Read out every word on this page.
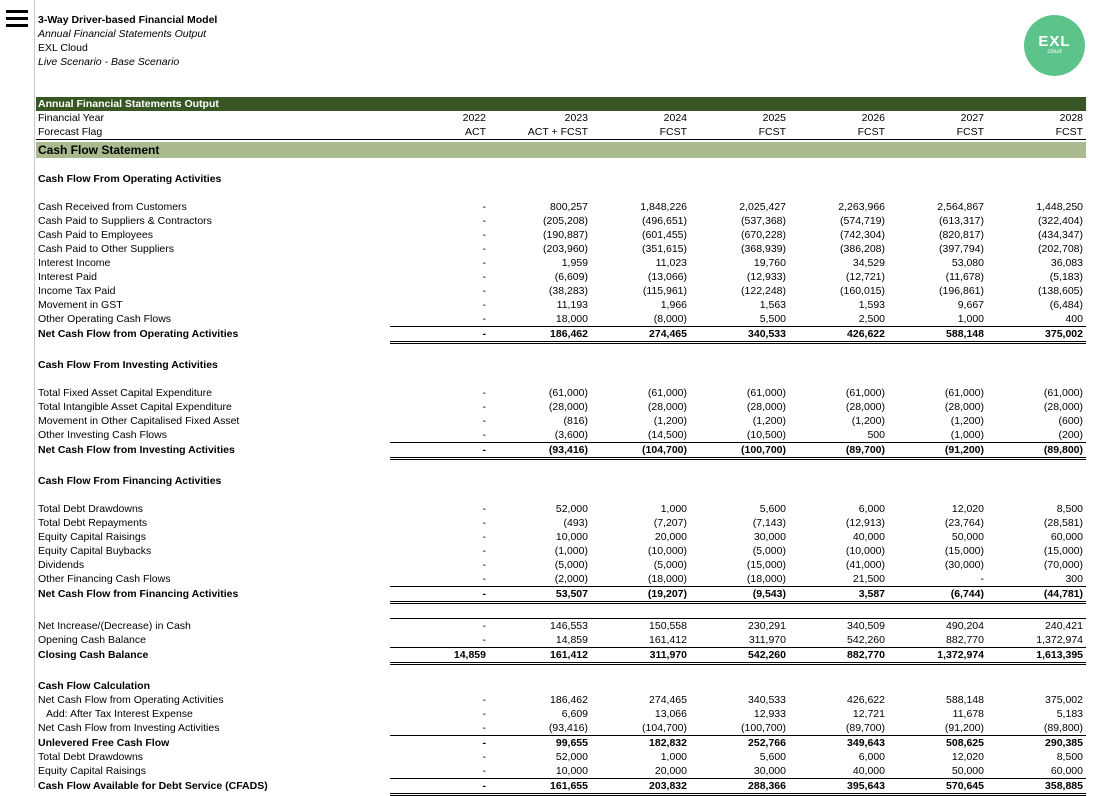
3-Way Driver-based Financial Model
Annual Financial Statements Output
EXL Cloud
Live Scenario - Base Scenario
EXL
cloud
Annual Financial Statements Output
Financial Year	2022	2023	2024	2025	2026	2027	2028
Forecast Flag	ACT	ACT + FCST	FCST	FCST	FCST	FCST	FCST
Cash Flow Statement
Cash Flow From Operating Activities
Cash Received from Customers	-	800,257	1,848,226	2,025,427	2,263,966	2,564,867	1,448,250
Cash Paid to Suppliers & Contractors	-	(205,208)	(496,651)	(537,368)	(574,719)	(613,317)	(322,404)
Cash Paid to Employees	-	(190,887)	(601,455)	(670,228)	(742,304)	(820,817)	(434,347)
Cash Paid to Other Suppliers	-	(203,960)	(351,615)	(368,939)	(386,208)	(397,794)	(202,708)
Interest Income	-	1,959	11,023	19,760	34,529	53,080	36,083
Interest Paid	-	(6,609)	(13,066)	(12,933)	(12,721)	(11,678)	(5,183)
Income Tax Paid	-	(38,283)	(115,961)	(122,248)	(160,015)	(196,861)	(138,605)
Movement in GST	-	11,193	1,966	1,563	1,593	9,667	(6,484)
Other Operating Cash Flows	-	18,000	(8,000)	5,500	2,500	1,000	400
Net Cash Flow from Operating Activities	-	186,462	274,465	340,533	426,622	588,148	375,002
Cash Flow From Investing Activities
Total Fixed Asset Capital Expenditure	-	(61,000)	(61,000)	(61,000)	(61,000)	(61,000)	(61,000)
Total Intangible Asset Capital Expenditure	-	(28,000)	(28,000)	(28,000)	(28,000)	(28,000)	(28,000)
Movement in Other Capitalised Fixed Asset	-	(816)	(1,200)	(1,200)	(1,200)	(1,200)	(600)
Other Investing Cash Flows	-	(3,600)	(14,500)	(10,500)	500	(1,000)	(200)
Net Cash Flow from Investing Activities	-	(93,416)	(104,700)	(100,700)	(89,700)	(91,200)	(89,800)
Cash Flow From Financing Activities
Total Debt Drawdowns	-	52,000	1,000	5,600	6,000	12,020	8,500
Total Debt Repayments	-	(493)	(7,207)	(7,143)	(12,913)	(23,764)	(28,581)
Equity Capital Raisings	-	10,000	20,000	30,000	40,000	50,000	60,000
Equity Capital Buybacks	-	(1,000)	(10,000)	(5,000)	(10,000)	(15,000)	(15,000)
Dividends	-	(5,000)	(5,000)	(15,000)	(41,000)	(30,000)	(70,000)
Other Financing Cash Flows	-	(2,000)	(18,000)	(18,000)	21,500	-	300
Net Cash Flow from Financing Activities	-	53,507	(19,207)	(9,543)	3,587	(6,744)	(44,781)
Net Increase/(Decrease) in Cash	-	146,553	150,558	230,291	340,509	490,204	240,421
Opening Cash Balance	-	14,859	161,412	311,970	542,260	882,770	1,372,974
Closing Cash Balance	14,859	161,412	311,970	542,260	882,770	1,372,974	1,613,395
Cash Flow Calculation
Net Cash Flow from Operating Activities	-	186,462	274,465	340,533	426,622	588,148	375,002
Add: After Tax Interest Expense	-	6,609	13,066	12,933	12,721	11,678	5,183
Net Cash Flow from Investing Activities	-	(93,416)	(104,700)	(100,700)	(89,700)	(91,200)	(89,800)
Unlevered Free Cash Flow	-	99,655	182,832	252,766	349,643	508,625	290,385
Total Debt Drawdowns	-	52,000	1,000	5,600	6,000	12,020	8,500
Equity Capital Raisings	-	10,000	20,000	30,000	40,000	50,000	60,000
Cash Flow Available for Debt Service (CFADS)	-	161,655	203,832	288,366	395,643	570,645	358,885
